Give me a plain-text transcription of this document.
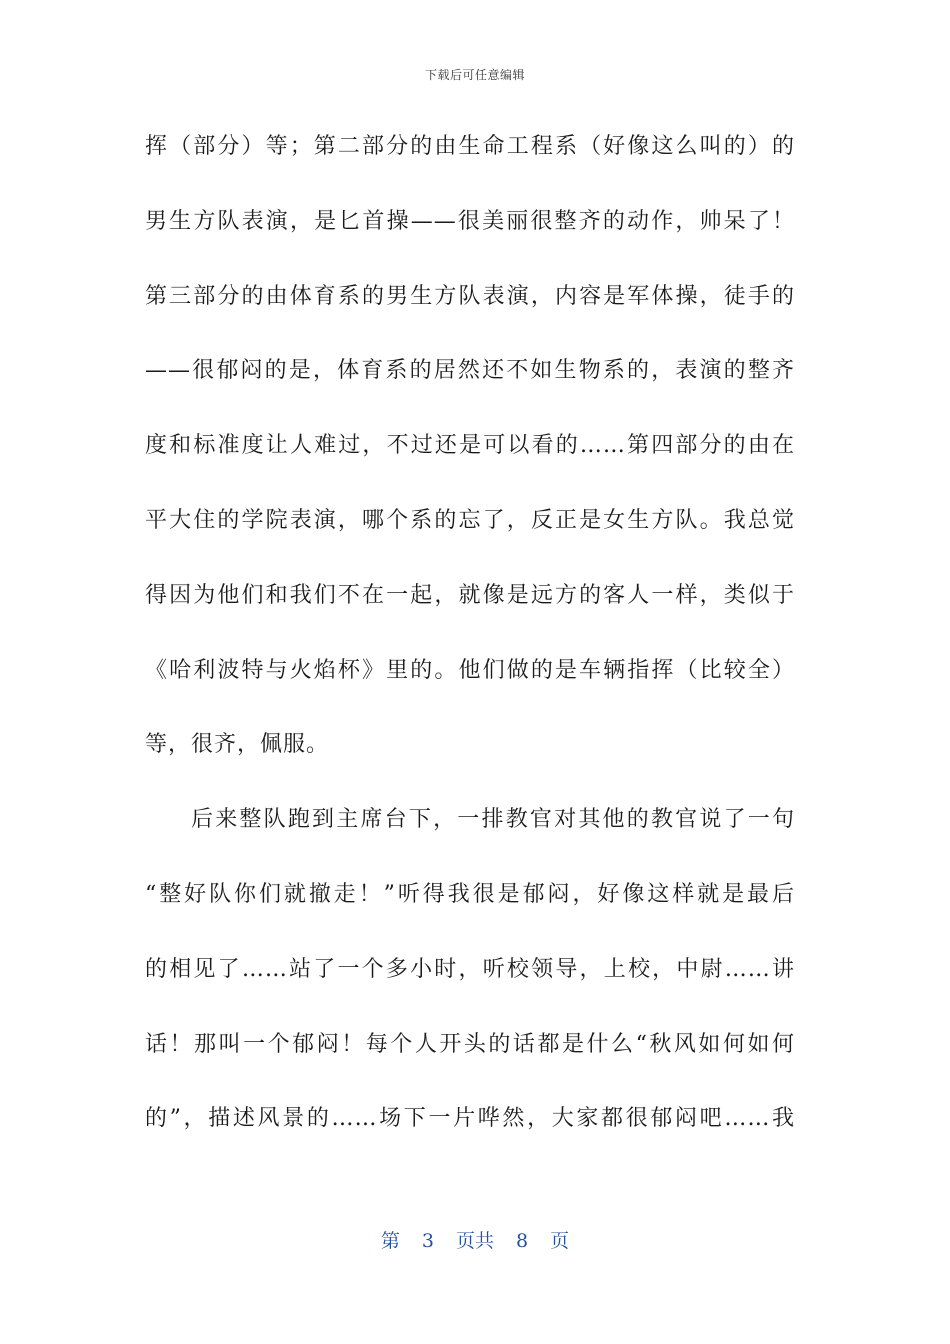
下载后可任意编辑
挥（部分）等；第二部分的由生命工程系（好像这么叫的）的
男生方队表演，是匕首操——很美丽很整齐的动作，帅呆了！
第三部分的由体育系的男生方队表演，内容是军体操，徒手的
——很郁闷的是，体育系的居然还不如生物系的，表演的整齐
度和标准度让人难过，不过还是可以看的……第四部分的由在
平大住的学院表演，哪个系的忘了，反正是女生方队。我总觉
得因为他们和我们不在一起，就像是远方的客人一样，类似于
《哈利波特与火焰杯》里的。他们做的是车辆指挥（比较全）
等，很齐，佩服。
后来整队跑到主席台下，一排教官对其他的教官说了一句
“整好队你们就撤走！”听得我很是郁闷，好像这样就是最后
的相见了……站了一个多小时，听校领导，上校，中尉……讲
话！那叫一个郁闷！每个人开头的话都是什么“秋风如何如何
的”，描述风景的……场下一片哗然，大家都很郁闷吧……我
第 3 页共 8 页
